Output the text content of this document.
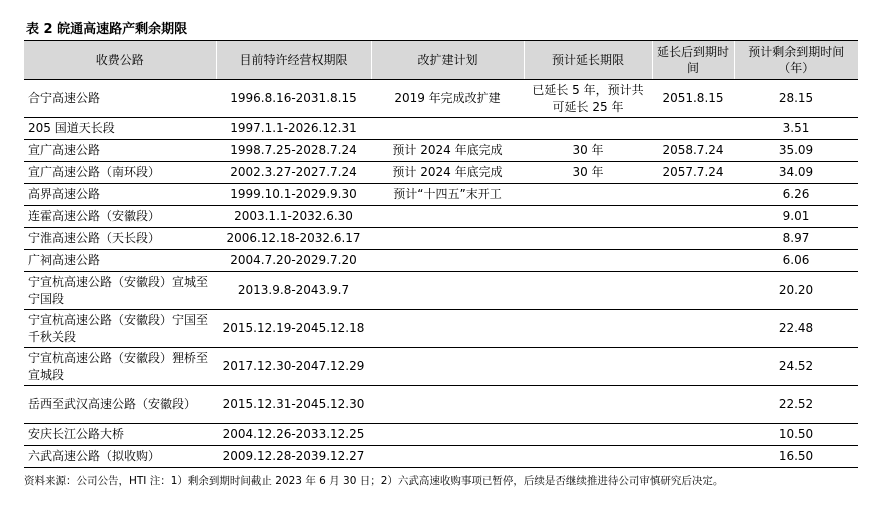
表 2 皖通高速路产剩余期限
收费公路	目前特许经营权期限	改扩建计划	预计延长期限	延长后到期时间	预计剩余到期时间（年）
合宁高速公路	1996.8.16-2031.8.15	2019 年完成改扩建	已延长 5 年，预计共可延长 25 年	2051.8.15	28.15
205 国道天长段	1997.1.1-2026.12.31				3.51
宣广高速公路	1998.7.25-2028.7.24	预计 2024 年底完成	30 年	2058.7.24	35.09
宣广高速公路（南环段）	2002.3.27-2027.7.24	预计 2024 年底完成	30 年	2057.7.24	34.09
高界高速公路	1999.10.1-2029.9.30	预计“十四五”末开工			6.26
连霍高速公路（安徽段）	2003.1.1-2032.6.30				9.01
宁淮高速公路（天长段）	2006.12.18-2032.6.17				8.97
广祠高速公路	2004.7.20-2029.7.20				6.06
宁宣杭高速公路（安徽段）宣城至宁国段	2013.9.8-2043.9.7				20.20
宁宣杭高速公路（安徽段）宁国至千秋关段	2015.12.19-2045.12.18				22.48
宁宣杭高速公路（安徽段）狸桥至宣城段	2017.12.30-2047.12.29				24.52
岳西至武汉高速公路（安徽段）	2015.12.31-2045.12.30				22.52
安庆长江公路大桥	2004.12.26-2033.12.25				10.50
六武高速公路（拟收购）	2009.12.28-2039.12.27				16.50
资料来源：公司公告，HTI 注：1）剩余到期时间截止 2023 年 6 月 30 日；2）六武高速收购事项已暂停，后续是否继续推进待公司审慎研究后决定。
